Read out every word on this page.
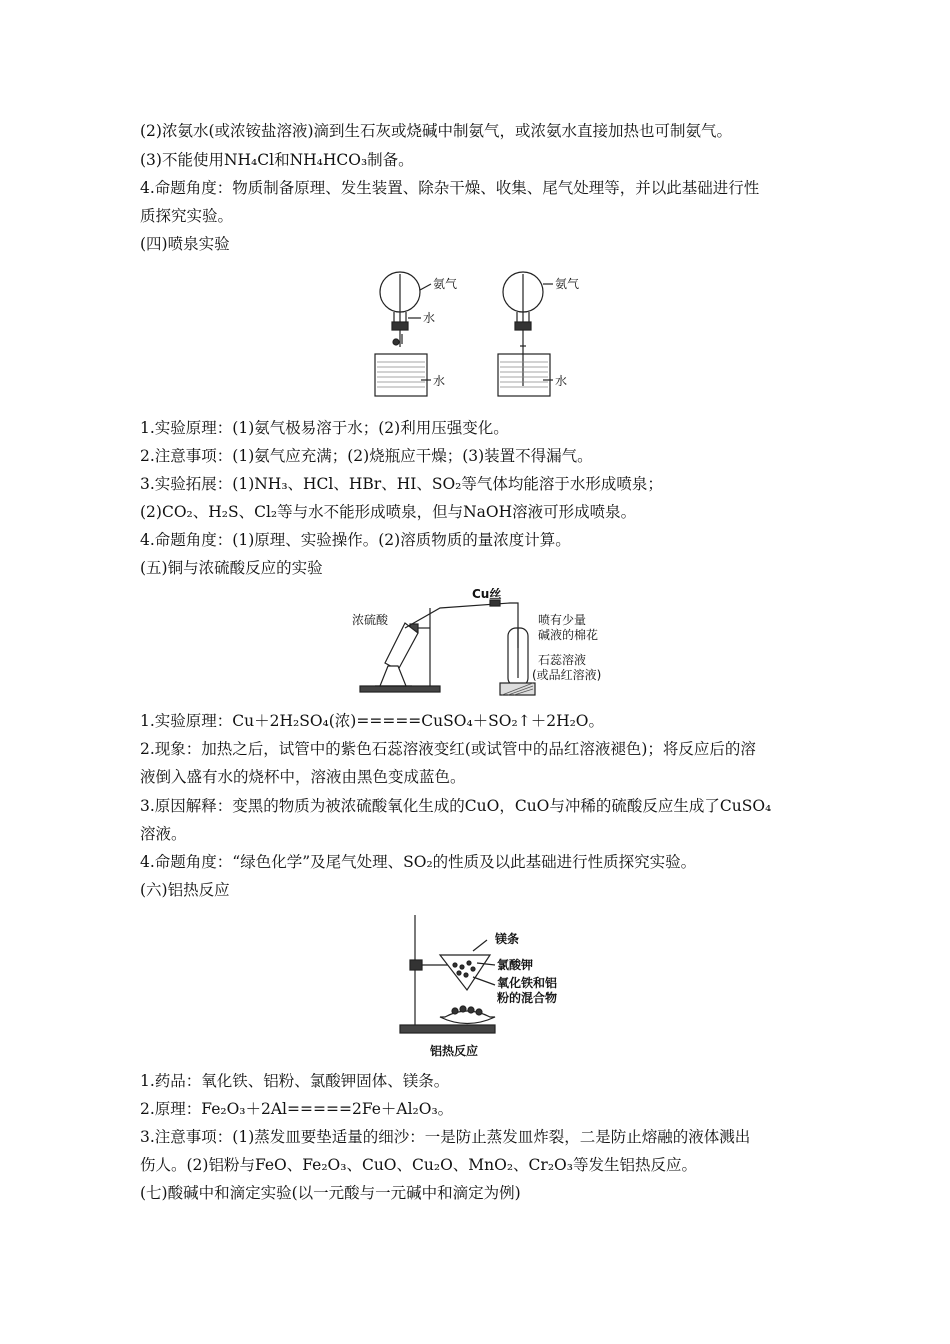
(2)浓氨水(或浓铵盐溶液)滴到生石灰或烧碱中制氨气，或浓氨水直接加热也可制氨气。
(3)不能使用NH₄Cl和NH₄HCO₃制备。
4.命题角度：物质制备原理、发生装置、除杂干燥、收集、尾气处理等，并以此基础进行性
质探究实验。
(四)喷泉实验
氨气
水
水
氨气
水
1.实验原理：(1)氨气极易溶于水；(2)利用压强变化。
2.注意事项：(1)氨气应充满；(2)烧瓶应干燥；(3)装置不得漏气。
3.实验拓展：(1)NH₃、HCl、HBr、HI、SO₂等气体均能溶于水形成喷泉；
(2)CO₂、H₂S、Cl₂等与水不能形成喷泉，但与NaOH溶液可形成喷泉。
4.命题角度：(1)原理、实验操作。(2)溶质物质的量浓度计算。
(五)铜与浓硫酸反应的实验
浓硫酸
Cu丝
喷有少量
碱液的棉花
石蕊溶液
(或品红溶液)
1.实验原理：Cu＋2H₂SO₄(浓)=====CuSO₄＋SO₂↑＋2H₂O。
2.现象：加热之后，试管中的紫色石蕊溶液变红(或试管中的品红溶液褪色)；将反应后的溶
液倒入盛有水的烧杯中，溶液由黑色变成蓝色。
3.原因解释：变黑的物质为被浓硫酸氧化生成的CuO，CuO与冲稀的硫酸反应生成了CuSO₄
溶液。
4.命题角度：“绿色化学”及尾气处理、SO₂的性质及以此基础进行性质探究实验。
(六)铝热反应
镁条
氯酸钾
氧化铁和铝
粉的混合物
铝热反应
1.药品：氧化铁、铝粉、氯酸钾固体、镁条。
2.原理：Fe₂O₃＋2Al=====2Fe＋Al₂O₃。
3.注意事项：(1)蒸发皿要垫适量的细沙：一是防止蒸发皿炸裂，二是防止熔融的液体溅出
伤人。(2)铝粉与FeO、Fe₂O₃、CuO、Cu₂O、MnO₂、Cr₂O₃等发生铝热反应。
(七)酸碱中和滴定实验(以一元酸与一元碱中和滴定为例)
